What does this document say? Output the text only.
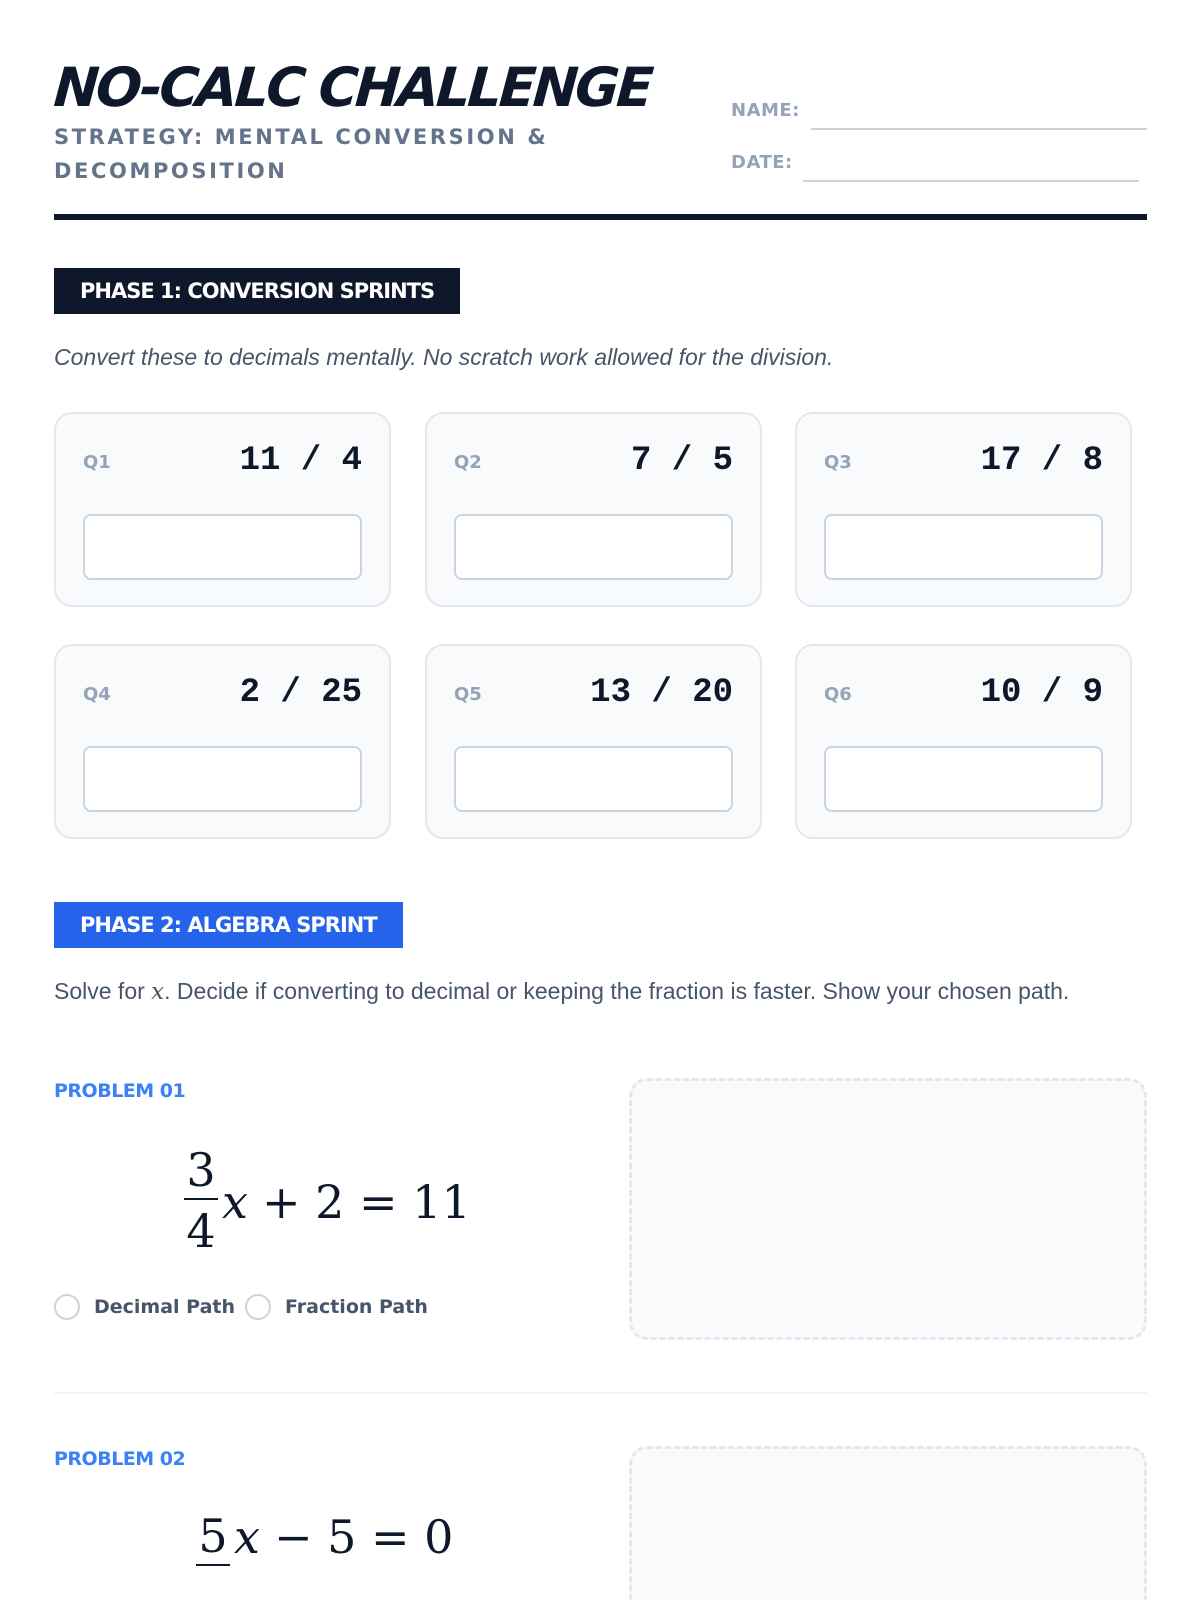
NO-CALC CHALLENGE
STRATEGY: MENTAL CONVERSION & DECOMPOSITION
NAME:
DATE:
PHASE 1: CONVERSION SPRINTS
Convert these to decimals mentally. No scratch work allowed for the division.
Q1	11 / 4	Q2	7 / 5	Q3	17 / 8
Q4	2 / 25	Q5	13 / 20	Q6	10 / 9
PHASE 2: ALGEBRA SPRINT
Solve for x. Decide if converting to decimal or keeping the fraction is faster. Show your chosen path.
PROBLEM 01
3
4
x + 2 = 11
Decimal Path	Fraction Path
PROBLEM 02
5 x − 5 = 0
